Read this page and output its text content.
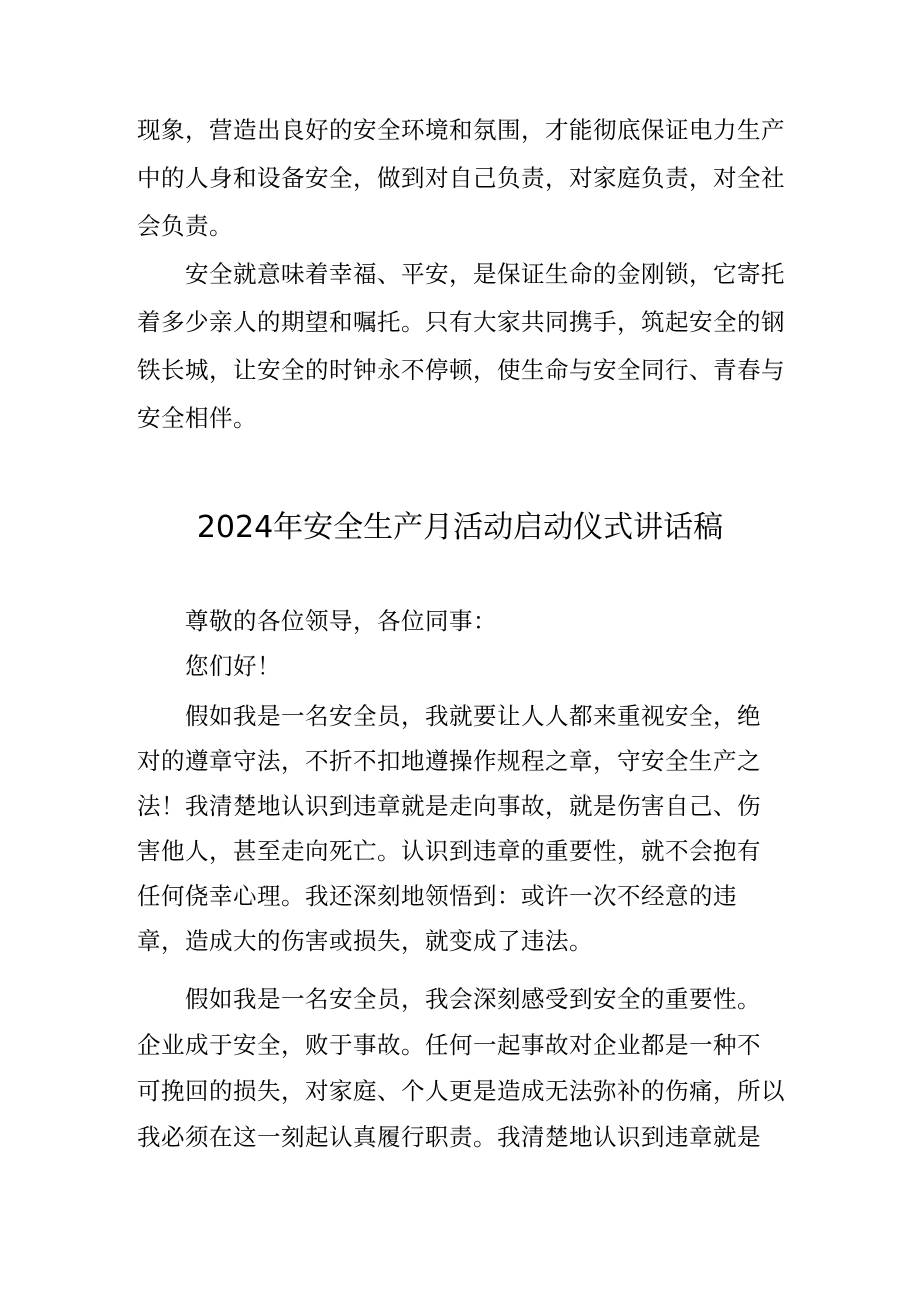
现象，营造出良好的安全环境和氛围，才能彻底保证电力生产
中的人身和设备安全，做到对自己负责，对家庭负责，对全社
会负责。
安全就意味着幸福、平安，是保证生命的金刚锁，它寄托
着多少亲人的期望和嘱托。只有大家共同携手，筑起安全的钢
铁长城，让安全的时钟永不停顿，使生命与安全同行、青春与
安全相伴。
2024年安全生产月活动启动仪式讲话稿
尊敬的各位领导，各位同事：
您们好！
假如我是一名安全员，我就要让人人都来重视安全，绝
对的遵章守法，不折不扣地遵操作规程之章，守安全生产之
法！我清楚地认识到违章就是走向事故，就是伤害自己、伤
害他人，甚至走向死亡。认识到违章的重要性，就不会抱有
任何侥幸心理。我还深刻地领悟到：或许一次不经意的违
章，造成大的伤害或损失，就变成了违法。
假如我是一名安全员，我会深刻感受到安全的重要性。
企业成于安全，败于事故。任何一起事故对企业都是一种不
可挽回的损失，对家庭、个人更是造成无法弥补的伤痛，所以
我必须在这一刻起认真履行职责。我清楚地认识到违章就是
